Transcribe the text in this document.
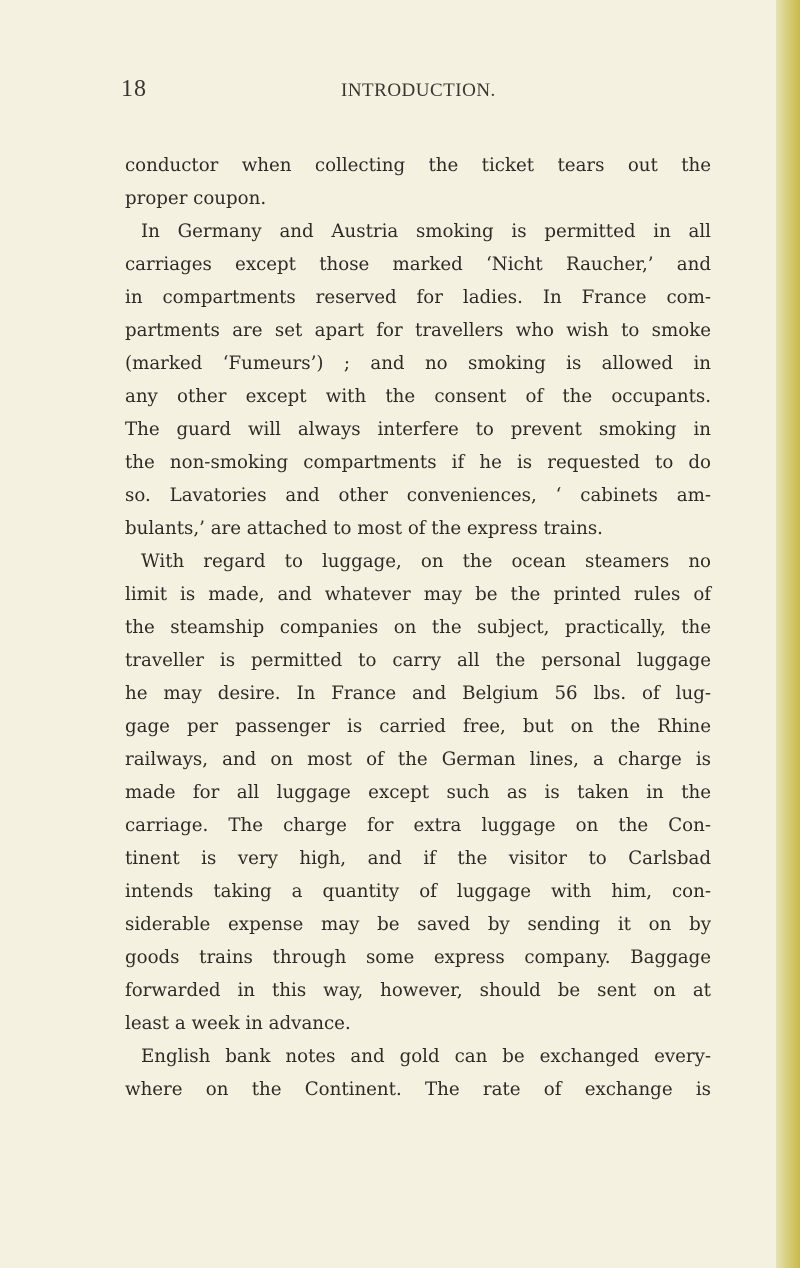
18	INTRODUCTION.
conductor when collecting the ticket tears out the
proper coupon.
In Germany and Austria smoking is permitted in all
carriages except those marked ‘Nicht Raucher,’ and
in compartments reserved for ladies. In France com-
partments are set apart for travellers who wish to smoke
(marked ‘Fumeurs’) ; and no smoking is allowed in
any other except with the consent of the occupants.
The guard will always interfere to prevent smoking in
the non-smoking compartments if he is requested to do
so. Lavatories and other conveniences, ‘ cabinets am-
bulants,’ are attached to most of the express trains.
With regard to luggage, on the ocean steamers no
limit is made, and whatever may be the printed rules of
the steamship companies on the subject, practically, the
traveller is permitted to carry all the personal luggage
he may desire. In France and Belgium 56 lbs. of lug-
gage per passenger is carried free, but on the Rhine
railways, and on most of the German lines, a charge is
made for all luggage except such as is taken in the
carriage. The charge for extra luggage on the Con-
tinent is very high, and if the visitor to Carlsbad
intends taking a quantity of luggage with him, con-
siderable expense may be saved by sending it on by
goods trains through some express company. Baggage
forwarded in this way, however, should be sent on at
least a week in advance.
English bank notes and gold can be exchanged every-
where on the Continent. The rate of exchange is
